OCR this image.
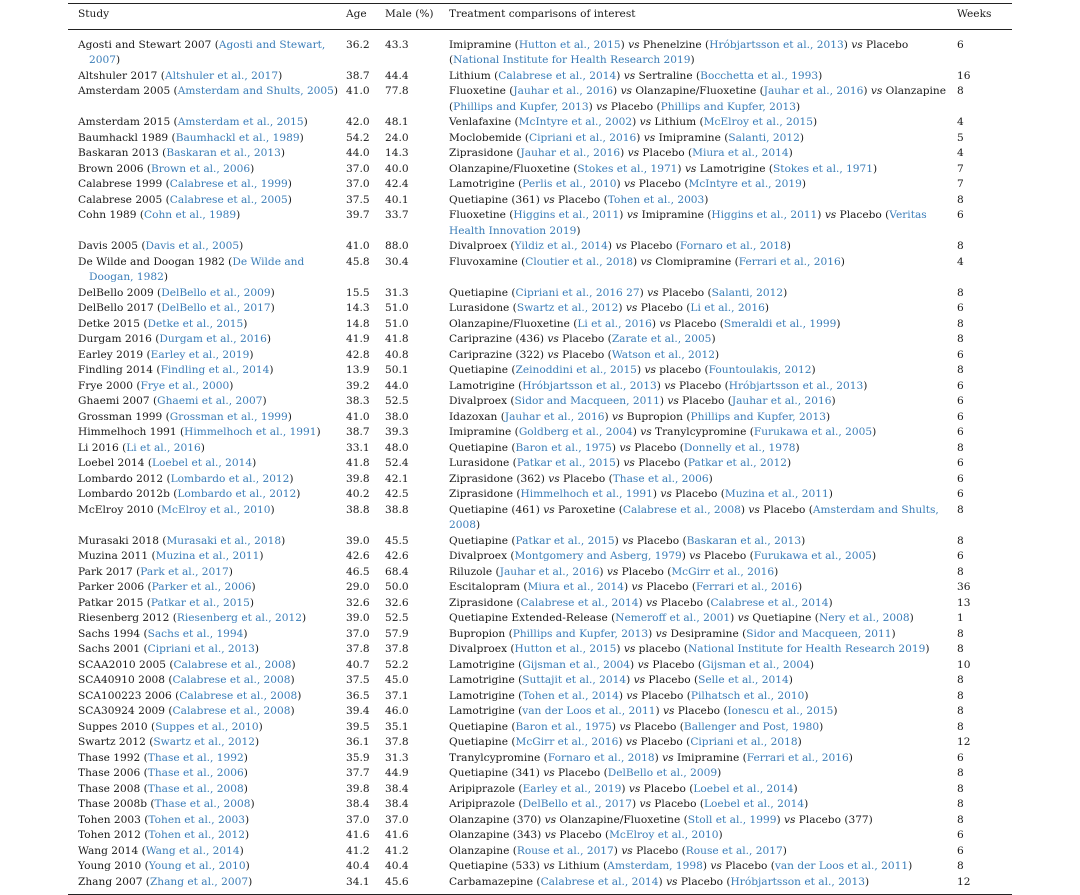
Study	Age	Male (%)	Treatment comparisons of interest	Weeks

Agosti and Stewart 2007 (Agosti and Stewart, 2007)	36.2	43.3	Imipramine (Hutton et al., 2015) vs Phenelzine (Hróbjartsson et al., 2013) vs Placebo (National Institute for Health Research 2019)	6

Altshuler 2017 (Altshuler et al., 2017)	38.7	44.4	Lithium (Calabrese et al., 2014) vs Sertraline (Bocchetta et al., 1993)	16

Amsterdam 2005 (Amsterdam and Shults, 2005)	41.0	77.8	Fluoxetine (Jauhar et al., 2016) vs Olanzapine/Fluoxetine (Jauhar et al., 2016) vs Olanzapine (Phillips and Kupfer, 2013) vs Placebo (Phillips and Kupfer, 2013)	8

Amsterdam 2015 (Amsterdam et al., 2015)	42.0	48.1	Venlafaxine (McIntyre et al., 2002) vs Lithium (McElroy et al., 2015)	4

Baumhackl 1989 (Baumhackl et al., 1989)	54.2	24.0	Moclobemide (Cipriani et al., 2016) vs Imipramine (Salanti, 2012)	5

Baskaran 2013 (Baskaran et al., 2013)	44.0	14.3	Ziprasidone (Jauhar et al., 2016) vs Placebo (Miura et al., 2014)	4

Brown 2006 (Brown et al., 2006)	37.0	40.0	Olanzapine/Fluoxetine (Stokes et al., 1971) vs Lamotrigine (Stokes et al., 1971)	7

Calabrese 1999 (Calabrese et al., 1999)	37.0	42.4	Lamotrigine (Perlis et al., 2010) vs Placebo (McIntyre et al., 2019)	7

Calabrese 2005 (Calabrese et al., 2005)	37.5	40.1	Quetiapine (361) vs Placebo (Tohen et al., 2003)	8

Cohn 1989 (Cohn et al., 1989)	39.7	33.7	Fluoxetine (Higgins et al., 2011) vs Imipramine (Higgins et al., 2011) vs Placebo (Veritas Health Innovation 2019)	6

Davis 2005 (Davis et al., 2005)	41.0	88.0	Divalproex (Yildiz et al., 2014) vs Placebo (Fornaro et al., 2018)	8

De Wilde and Doogan 1982 (De Wilde and Doogan, 1982)	45.8	30.4	Fluvoxamine (Cloutier et al., 2018) vs Clomipramine (Ferrari et al., 2016)	4

DelBello 2009 (DelBello et al., 2009)	15.5	31.3	Quetiapine (Cipriani et al., 2016 27) vs Placebo (Salanti, 2012)	8

DelBello 2017 (DelBello et al., 2017)	14.3	51.0	Lurasidone (Swartz et al., 2012) vs Placebo (Li et al., 2016)	6

Detke 2015 (Detke et al., 2015)	14.8	51.0	Olanzapine/Fluoxetine (Li et al., 2016) vs Placebo (Smeraldi et al., 1999)	8

Durgam 2016 (Durgam et al., 2016)	41.9	41.8	Cariprazine (436) vs Placebo (Zarate et al., 2005)	8

Earley 2019 (Earley et al., 2019)	42.8	40.8	Cariprazine (322) vs Placebo (Watson et al., 2012)	6

Findling 2014 (Findling et al., 2014)	13.9	50.1	Quetiapine (Zeinoddini et al., 2015) vs placebo (Fountoulakis, 2012)	8

Frye 2000 (Frye et al., 2000)	39.2	44.0	Lamotrigine (Hróbjartsson et al., 2013) vs Placebo (Hróbjartsson et al., 2013)	6

Ghaemi 2007 (Ghaemi et al., 2007)	38.3	52.5	Divalproex (Sidor and Macqueen, 2011) vs Placebo (Jauhar et al., 2016)	6

Grossman 1999 (Grossman et al., 1999)	41.0	38.0	Idazoxan (Jauhar et al., 2016) vs Bupropion (Phillips and Kupfer, 2013)	6

Himmelhoch 1991 (Himmelhoch et al., 1991)	38.7	39.3	Imipramine (Goldberg et al., 2004) vs Tranylcypromine (Furukawa et al., 2005)	6

Li 2016 (Li et al., 2016)	33.1	48.0	Quetiapine (Baron et al., 1975) vs Placebo (Donnelly et al., 1978)	8

Loebel 2014 (Loebel et al., 2014)	41.8	52.4	Lurasidone (Patkar et al., 2015) vs Placebo (Patkar et al., 2012)	6

Lombardo 2012 (Lombardo et al., 2012)	39.8	42.1	Ziprasidone (362) vs Placebo (Thase et al., 2006)	6

Lombardo 2012b (Lombardo et al., 2012)	40.2	42.5	Ziprasidone (Himmelhoch et al., 1991) vs Placebo (Muzina et al., 2011)	6

McElroy 2010 (McElroy et al., 2010)	38.8	38.8	Quetiapine (461) vs Paroxetine (Calabrese et al., 2008) vs Placebo (Amsterdam and Shults, 2008)	8

Murasaki 2018 (Murasaki et al., 2018)	39.0	45.5	Quetiapine (Patkar et al., 2015) vs Placebo (Baskaran et al., 2013)	8

Muzina 2011 (Muzina et al., 2011)	42.6	42.6	Divalproex (Montgomery and Asberg, 1979) vs Placebo (Furukawa et al., 2005)	6

Park 2017 (Park et al., 2017)	46.5	68.4	Riluzole (Jauhar et al., 2016) vs Placebo (McGirr et al., 2016)	8

Parker 2006 (Parker et al., 2006)	29.0	50.0	Escitalopram (Miura et al., 2014) vs Placebo (Ferrari et al., 2016)	36

Patkar 2015 (Patkar et al., 2015)	32.6	32.6	Ziprasidone (Calabrese et al., 2014) vs Placebo (Calabrese et al., 2014)	13

Riesenberg 2012 (Riesenberg et al., 2012)	39.0	52.5	Quetiapine Extended-Release (Nemeroff et al., 2001) vs Quetiapine (Nery et al., 2008)	1

Sachs 1994 (Sachs et al., 1994)	37.0	57.9	Bupropion (Phillips and Kupfer, 2013) vs Desipramine (Sidor and Macqueen, 2011)	8

Sachs 2001 (Cipriani et al., 2013)	37.8	37.8	Divalproex (Hutton et al., 2015) vs placebo (National Institute for Health Research 2019)	8

SCAA2010 2005 (Calabrese et al., 2008)	40.7	52.2	Lamotrigine (Gijsman et al., 2004) vs Placebo (Gijsman et al., 2004)	10

SCA40910 2008 (Calabrese et al., 2008)	37.5	45.0	Lamotrigine (Suttajit et al., 2014) vs Placebo (Selle et al., 2014)	8

SCA100223 2006 (Calabrese et al., 2008)	36.5	37.1	Lamotrigine (Tohen et al., 2014) vs Placebo (Pilhatsch et al., 2010)	8

SCA30924 2009 (Calabrese et al., 2008)	39.4	46.0	Lamotrigine (van der Loos et al., 2011) vs Placebo (Ionescu et al., 2015)	8

Suppes 2010 (Suppes et al., 2010)	39.5	35.1	Quetiapine (Baron et al., 1975) vs Placebo (Ballenger and Post, 1980)	8

Swartz 2012 (Swartz et al., 2012)	36.1	37.8	Quetiapine (McGirr et al., 2016) vs Placebo (Cipriani et al., 2018)	12

Thase 1992 (Thase et al., 1992)	35.9	31.3	Tranylcypromine (Fornaro et al., 2018) vs Imipramine (Ferrari et al., 2016)	6

Thase 2006 (Thase et al., 2006)	37.7	44.9	Quetiapine (341) vs Placebo (DelBello et al., 2009)	8

Thase 2008 (Thase et al., 2008)	39.8	38.4	Aripiprazole (Earley et al., 2019) vs Placebo (Loebel et al., 2014)	8

Thase 2008b (Thase et al., 2008)	38.4	38.4	Aripiprazole (DelBello et al., 2017) vs Placebo (Loebel et al., 2014)	8

Tohen 2003 (Tohen et al., 2003)	37.0	37.0	Olanzapine (370) vs Olanzapine/Fluoxetine (Stoll et al., 1999) vs Placebo (377)	8

Tohen 2012 (Tohen et al., 2012)	41.6	41.6	Olanzapine (343) vs Placebo (McElroy et al., 2010)	6

Wang 2014 (Wang et al., 2014)	41.2	41.2	Olanzapine (Rouse et al., 2017) vs Placebo (Rouse et al., 2017)	6

Young 2010 (Young et al., 2010)	40.4	40.4	Quetiapine (533) vs Lithium (Amsterdam, 1998) vs Placebo (van der Loos et al., 2011)	8

Zhang 2007 (Zhang et al., 2007)	34.1	45.6	Carbamazepine (Calabrese et al., 2014) vs Placebo (Hróbjartsson et al., 2013)	12
